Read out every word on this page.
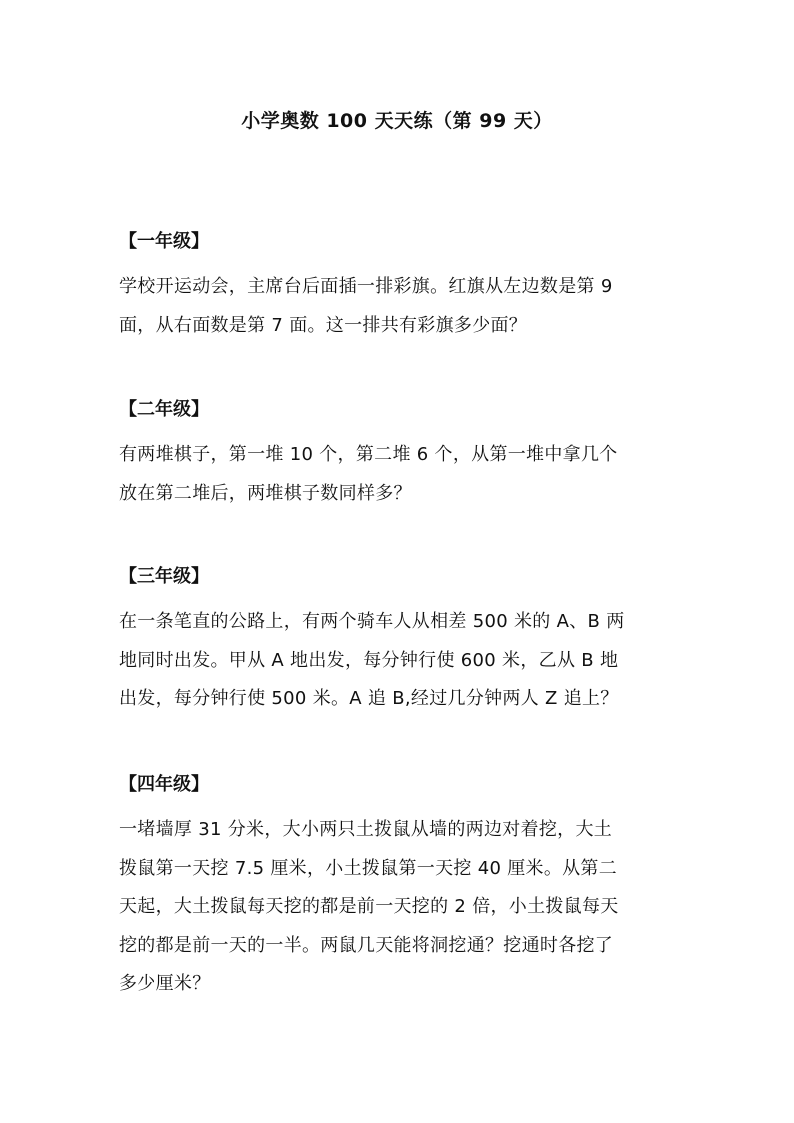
小学奥数 100 天天练（第 99 天）
【一年级】
学校开运动会，主席台后面插一排彩旗。红旗从左边数是第 9
面，从右面数是第 7 面。这一排共有彩旗多少面？
【二年级】
有两堆棋子，第一堆 10 个，第二堆 6 个，从第一堆中拿几个
放在第二堆后，两堆棋子数同样多？
【三年级】
在一条笔直的公路上，有两个骑车人从相差 500 米的 A、B 两
地同时出发。甲从 A 地出发，每分钟行使 600 米，乙从 B 地
出发，每分钟行使 500 米。A 追 B,经过几分钟两人 Z 追上？
【四年级】
一堵墙厚 31 分米，大小两只土拨鼠从墙的两边对着挖，大土
拨鼠第一天挖 7.5 厘米，小土拨鼠第一天挖 40 厘米。从第二
天起，大土拨鼠每天挖的都是前一天挖的 2 倍，小土拨鼠每天
挖的都是前一天的一半。两鼠几天能将洞挖通？挖通时各挖了
多少厘米？
